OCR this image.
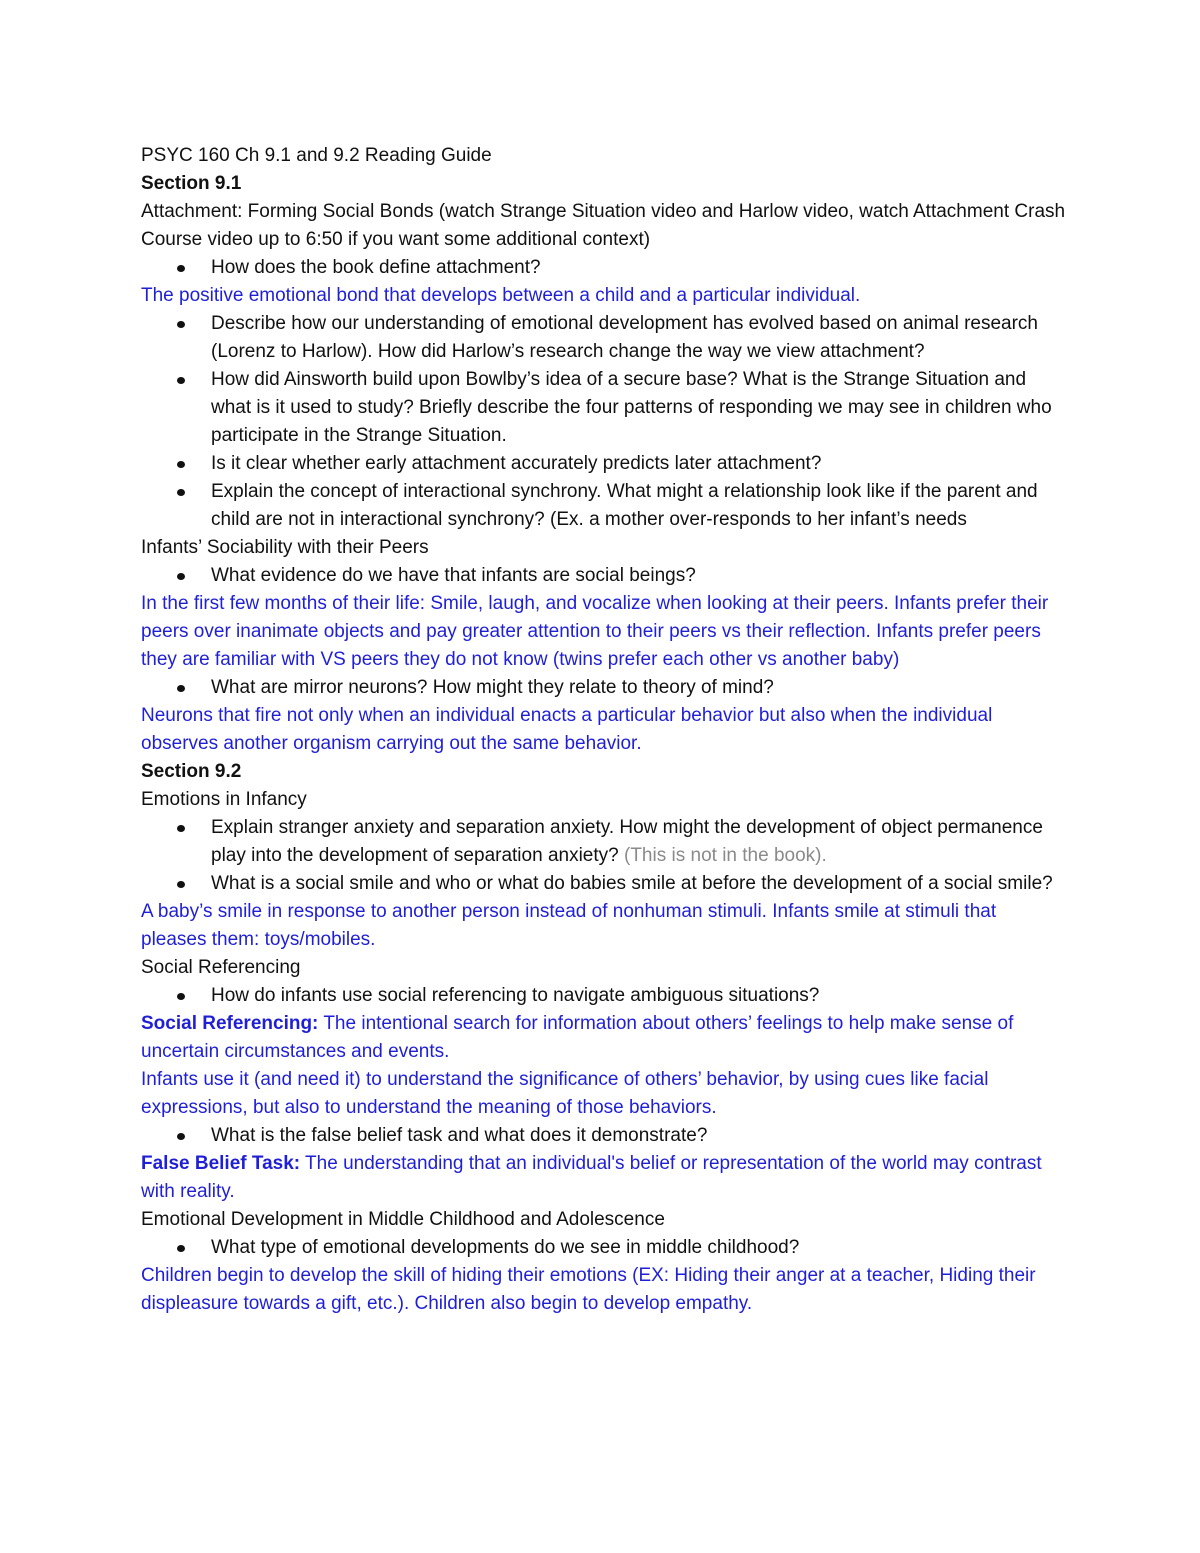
PSYC 160 Ch 9.1 and 9.2 Reading Guide

Section 9.1

Attachment: Forming Social Bonds (watch Strange Situation video and Harlow video, watch Attachment Crash Course video up to 6:50 if you want some additional context)

How does the book define attachment?

The positive emotional bond that develops between a child and a particular individual.

Describe how our understanding of emotional development has evolved based on animal research (Lorenz to Harlow). How did Harlow’s research change the way we view attachment?

How did Ainsworth build upon Bowlby’s idea of a secure base? What is the Strange Situation and what is it used to study? Briefly describe the four patterns of responding we may see in children who participate in the Strange Situation.

Is it clear whether early attachment accurately predicts later attachment?

Explain the concept of interactional synchrony. What might a relationship look like if the parent and child are not in interactional synchrony? (Ex. a mother over-responds to her infant’s needs

Infants’ Sociability with their Peers

What evidence do we have that infants are social beings?

In the first few months of their life: Smile, laugh, and vocalize when looking at their peers. Infants prefer their peers over inanimate objects and pay greater attention to their peers vs their reflection. Infants prefer peers they are familiar with VS peers they do not know (twins prefer each other vs another baby)

What are mirror neurons? How might they relate to theory of mind?

Neurons that fire not only when an individual enacts a particular behavior but also when the individual observes another organism carrying out the same behavior.

Section 9.2

Emotions in Infancy

Explain stranger anxiety and separation anxiety. How might the development of object permanence play into the development of separation anxiety? (This is not in the book).

What is a social smile and who or what do babies smile at before the development of a social smile?

A baby’s smile in response to another person instead of nonhuman stimuli. Infants smile at stimuli that pleases them: toys/mobiles.

Social Referencing

How do infants use social referencing to navigate ambiguous situations?

Social Referencing: The intentional search for information about others’ feelings to help make sense of uncertain circumstances and events.

Infants use it (and need it) to understand the significance of others’ behavior, by using cues like facial expressions, but also to understand the meaning of those behaviors.

What is the false belief task and what does it demonstrate?

False Belief Task: The understanding that an individual's belief or representation of the world may contrast with reality.

Emotional Development in Middle Childhood and Adolescence

What type of emotional developments do we see in middle childhood?

Children begin to develop the skill of hiding their emotions (EX: Hiding their anger at a teacher, Hiding their displeasure towards a gift, etc.). Children also begin to develop empathy.
